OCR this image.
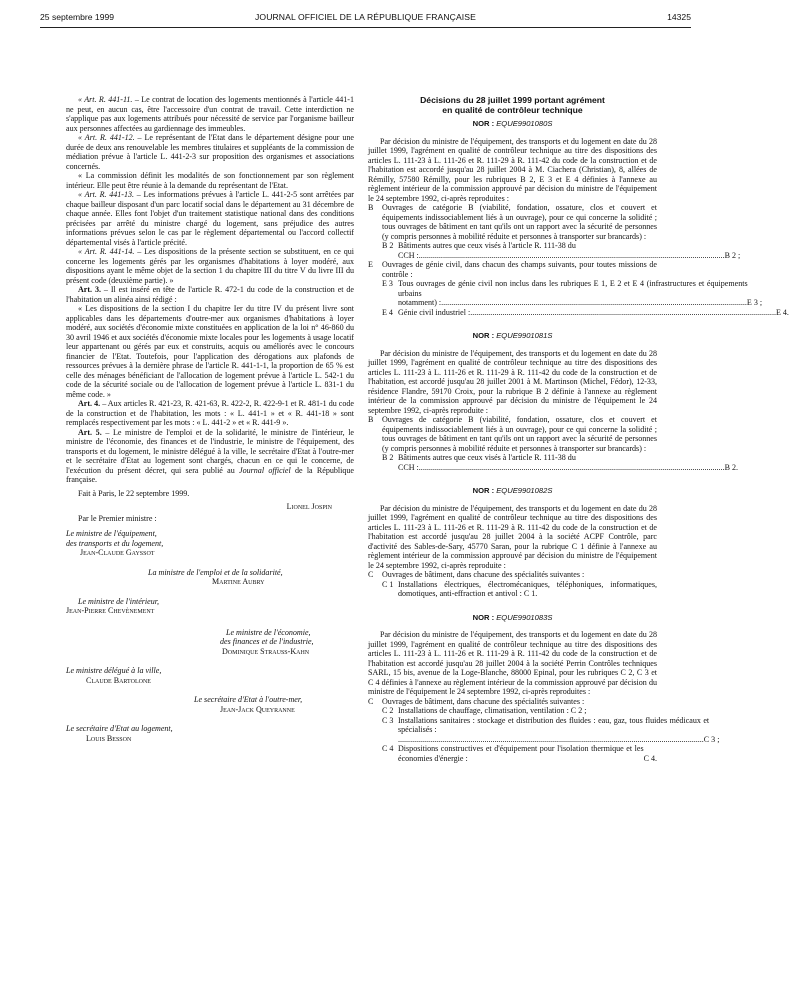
25 septembre 1999	JOURNAL OFFICIEL DE LA RÉPUBLIQUE FRANÇAISE	14325

« Art. R. 441-11. – Le contrat de location des logements mentionnés à l'article 441-1 ne peut, en aucun cas, être l'accessoire d'un contrat de travail. Cette interdiction ne s'applique pas aux logements attribués pour nécessité de service par l'organisme bailleur aux personnes affectées au gardiennage des immeubles.

« Art. R. 441-12. – Le représentant de l'Etat dans le département désigne pour une durée de deux ans renouvelable les membres titulaires et suppléants de la commission de médiation prévue à l'article L. 441-2-3 sur proposition des organismes et associations concernés.

« La commission définit les modalités de son fonctionnement par son règlement intérieur. Elle peut être réunie à la demande du représentant de l'Etat.

« Art. R. 441-13. – Les informations prévues à l'article L. 441-2-5 sont arrêtées par chaque bailleur disposant d'un parc locatif social dans le département au 31 décembre de chaque année. Elles font l'objet d'un traitement statistique national dans des conditions précisées par arrêté du ministre chargé du logement, sans préjudice des autres informations prévues selon le cas par le règlement départemental ou l'accord collectif départemental visés à l'article précité.

« Art. R. 441-14. – Les dispositions de la présente section se substituent, en ce qui concerne les logements gérés par les organismes d'habitations à loyer modéré, aux dispositions ayant le même objet de la section 1 du chapitre III du titre V du livre III du présent code (deuxième partie). »

Art. 3. – Il est inséré en tête de l'article R. 472-1 du code de la construction et de l'habitation un alinéa ainsi rédigé :

« Les dispositions de la section I du chapitre Ier du titre IV du présent livre sont applicables dans les départements d'outre-mer aux organismes d'habitations à loyer modéré, aux sociétés d'économie mixte constituées en application de la loi n° 46-860 du 30 avril 1946 et aux sociétés d'économie mixte locales pour les logements à usage locatif leur appartenant ou gérés par eux et construits, acquis ou améliorés avec le concours financier de l'Etat. Toutefois, pour l'application des dérogations aux plafonds de ressources prévues à la dernière phrase de l'article R. 441-1-1, la proportion de 65 % est celle des ménages bénéficiant de l'allocation de logement prévue à l'article L. 542-1 du code de la sécurité sociale ou de l'allocation de logement prévue à l'article L. 831-1 du même code. »

Art. 4. – Aux articles R. 421-23, R. 421-63, R. 422-2, R. 422-9-1 et R. 481-1 du code de la construction et de l'habitation, les mots : « L. 441-1 » et « R. 441-18 » sont remplacés respectivement par les mots : « L. 441-2 » et « R. 441-9 ».

Art. 5. – Le ministre de l'emploi et de la solidarité, le ministre de l'intérieur, le ministre de l'économie, des finances et de l'industrie, le ministre de l'équipement, des transports et du logement, le ministre délégué à la ville, le secrétaire d'Etat à l'outre-mer et le secrétaire d'Etat au logement sont chargés, chacun en ce qui le concerne, de l'exécution du présent décret, qui sera publié au Journal officiel de la République française.

Fait à Paris, le 22 septembre 1999.

Lionel Jospin

Par le Premier ministre :

Le ministre de l'équipement,

des transports et du logement,

Jean-Claude Gayssot

La ministre de l'emploi et de la solidarité,

Martine Aubry

Le ministre de l'intérieur,

Jean-Pierre Chevènement

Le ministre de l'économie,

des finances et de l'industrie,

Dominique Strauss-Kahn

Le ministre délégué à la ville,

Claude Bartolone

Le secrétaire d'Etat à l'outre-mer,

Jean-Jack Queyranne

Le secrétaire d'Etat au logement,

Louis Besson

Décisions du 28 juillet 1999 portant agrément

en qualité de contrôleur technique

NOR : EQUE9901080S

Par décision du ministre de l'équipement, des transports et du logement en date du 28 juillet 1999, l'agrément en qualité de contrôleur technique au titre des dispositions des articles L. 111-23 à L. 111-26 et R. 111-29 à R. 111-42 du code de la construction et de l'habitation est accordé jusqu'au 28 juillet 2004 à M. Ciachera (Christian), 8, allées de Rémilly, 57580 Rémilly, pour les rubriques B 2, E 3 et E 4 définies à l'annexe au règlement intérieur de la commission approuvé par décision du ministre de l'équipement le 24 septembre 1992, ci-après reproduites :

B	Ouvrages de catégorie B (viabilité, fondation, ossature, clos et couvert et équipements indissociablement liés à un ouvrage), pour ce qui concerne la solidité ; tous ouvrages de bâtiment en tant qu'ils ont un rapport avec la sécurité de personnes (y compris personnes à mobilité réduite et personnes à transporter sur brancards) :
B 2 Bâtiments autres que ceux visés à l'article R. 111-38 du
CCH : .....	B 2 ;
E	Ouvrages de génie civil, dans chacun des champs suivants, pour toutes missions de contrôle :
E 3 Tous ouvrages de génie civil non inclus dans les rubriques E 1, E 2 et E 4 (infrastructures et équipements urbains
notamment) : .....	E 3 ;
E 4 Génie civil industriel : .....	E 4.

NOR : EQUE9901081S

Par décision du ministre de l'équipement, des transports et du logement en date du 28 juillet 1999, l'agrément en qualité de contrôleur technique au titre des dispositions des articles L. 111-23 à L. 111-26 et R. 111-29 à R. 111-42 du code de la construction et de l'habitation, est accordé jusqu'au 28 juillet 2001 à M. Martinson (Michel, Fédor), 12-33, résidence Flandre, 59170 Croix, pour la rubrique B 2 définie à l'annexe au règlement intérieur de la commission approuvé par décision du ministre de l'équipement le 24 septembre 1992, ci-après reproduite :

B	Ouvrages de catégorie B (viabilité, fondation, ossature, clos et couvert et équipements indissociablement liés à un ouvrage), pour ce qui concerne la solidité ; tous ouvrages de bâtiment en tant qu'ils ont un rapport avec la sécurité de personnes (y compris personnes à mobilité réduite et personnes à transporter sur brancards) :
B 2 Bâtiments autres que ceux visés à l'article R. 111-38 du
CCH : .....	B 2.

NOR : EQUE9901082S

Par décision du ministre de l'équipement, des transports et du logement en date du 28 juillet 1999, l'agrément en qualité de contrôleur technique au titre des dispositions des articles L. 111-23 à L. 111-26 et R. 111-29 à R. 111-42 du code de la construction et de l'habitation est accordé jusqu'au 28 juillet 2004 à la société ACPF Contrôle, parc d'activité des Sables-de-Sary, 45770 Saran, pour la rubrique C 1 définie à l'annexe au règlement intérieur de la commission approuvé par décision du ministre de l'équipement le 24 septembre 1992, ci-après reproduite :

C	Ouvrages de bâtiment, dans chacune des spécialités suivantes :
C 1 Installations électriques, électromécaniques, téléphoniques, informatiques, domotiques, anti-effraction et antivol : C 1.

NOR : EQUE9901083S

Par décision du ministre de l'équipement, des transports et du logement en date du 28 juillet 1999, l'agrément en qualité de contrôleur technique au titre des dispositions des articles L. 111-23 à L. 111-26 et R. 111-29 à R. 111-42 du code de la construction et de l'habitation est accordé jusqu'au 28 juillet 2004 à la société Perrin Contrôles techniques SARL, 15 bis, avenue de la Loge-Blanche, 88000 Epinal, pour les rubriques C 2, C 3 et C 4 définies à l'annexe au règlement intérieur de la commission approuvé par décision du ministre de l'équipement le 24 septembre 1992, ci-après reproduites :

C	Ouvrages de bâtiment, dans chacune des spécialités suivantes :
C 2 Installations de chauffage, climatisation, ventilation : C 2 ;
C 3 Installations sanitaires : stockage et distribution des fluides : eau, gaz, tous fluides médicaux et spécialisés :
.....
C 3 ;
C 4 Dispositions constructives et d'équipement pour l'isolation thermique et les économies d'énergie :	C 4.
